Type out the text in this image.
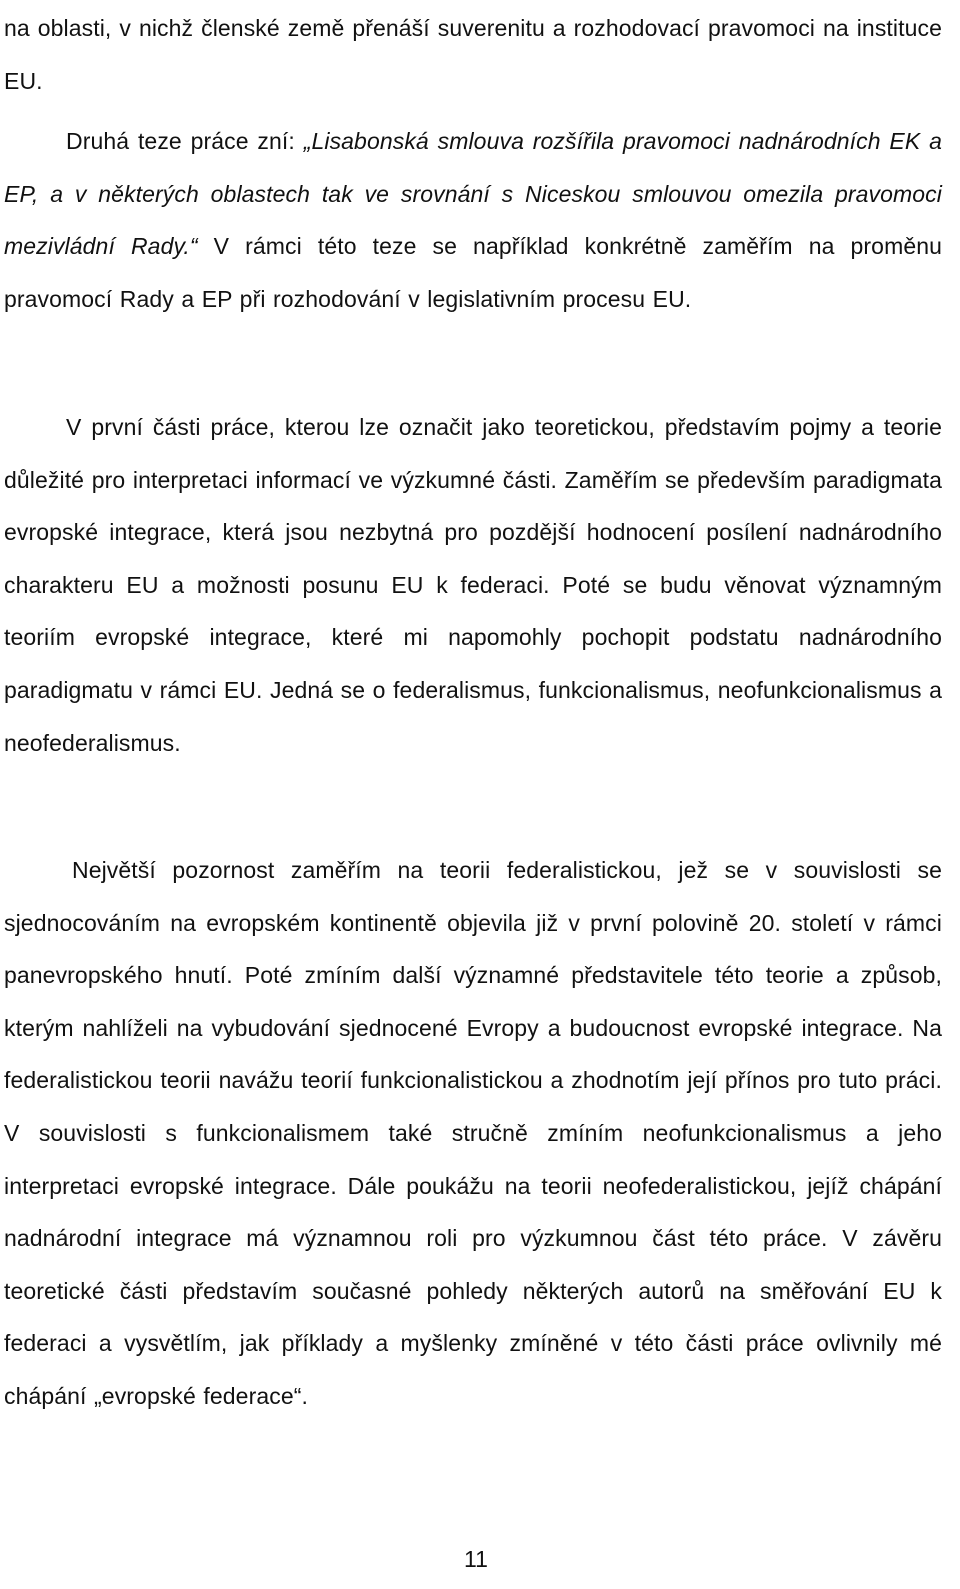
na oblasti, v nichž členské země přenáší suverenitu a rozhodovací pravomoci na instituce EU.

Druhá teze práce zní: „Lisabonská smlouva rozšířila pravomoci nadnárodních EK a EP, a v některých oblastech tak ve srovnání s Niceskou smlouvou omezila pravomoci mezivládní Rady.“ V rámci této teze se například konkrétně zaměřím na proměnu pravomocí Rady a EP při rozhodování v legislativním procesu EU.

V první části práce, kterou lze označit jako teoretickou, představím pojmy a teorie důležité pro interpretaci informací ve výzkumné části. Zaměřím se především paradigmata evropské integrace, která jsou nezbytná pro pozdější hodnocení posílení nadnárodního charakteru EU a možnosti posunu EU k federaci. Poté se budu věnovat významným teoriím evropské integrace, které mi napomohly pochopit podstatu nadnárodního paradigmatu v rámci EU. Jedná se o federalismus, funkcionalismus, neofunkcionalismus a neofederalismus.

Největší pozornost zaměřím na teorii federalistickou, jež se v souvislosti se sjednocováním na evropském kontinentě objevila již v první polovině 20. století v rámci panevropského hnutí. Poté zmíním další významné představitele této teorie a způsob, kterým nahlíželi na vybudování sjednocené Evropy a budoucnost evropské integrace. Na federalistickou teorii navážu teorií funkcionalistickou a zhodnotím její přínos pro tuto práci. V souvislosti s funkcionalismem také stručně zmíním neofunkcionalismus a jeho interpretaci evropské integrace. Dále poukážu na teorii neofederalistickou, jejíž chápání nadnárodní integrace má významnou roli pro výzkumnou část této práce. V závěru teoretické části představím současné pohledy některých autorů na směřování EU k federaci a vysvětlím, jak příklady a myšlenky zmíněné v této části práce ovlivnily mé chápání „evropské federace“.

11
